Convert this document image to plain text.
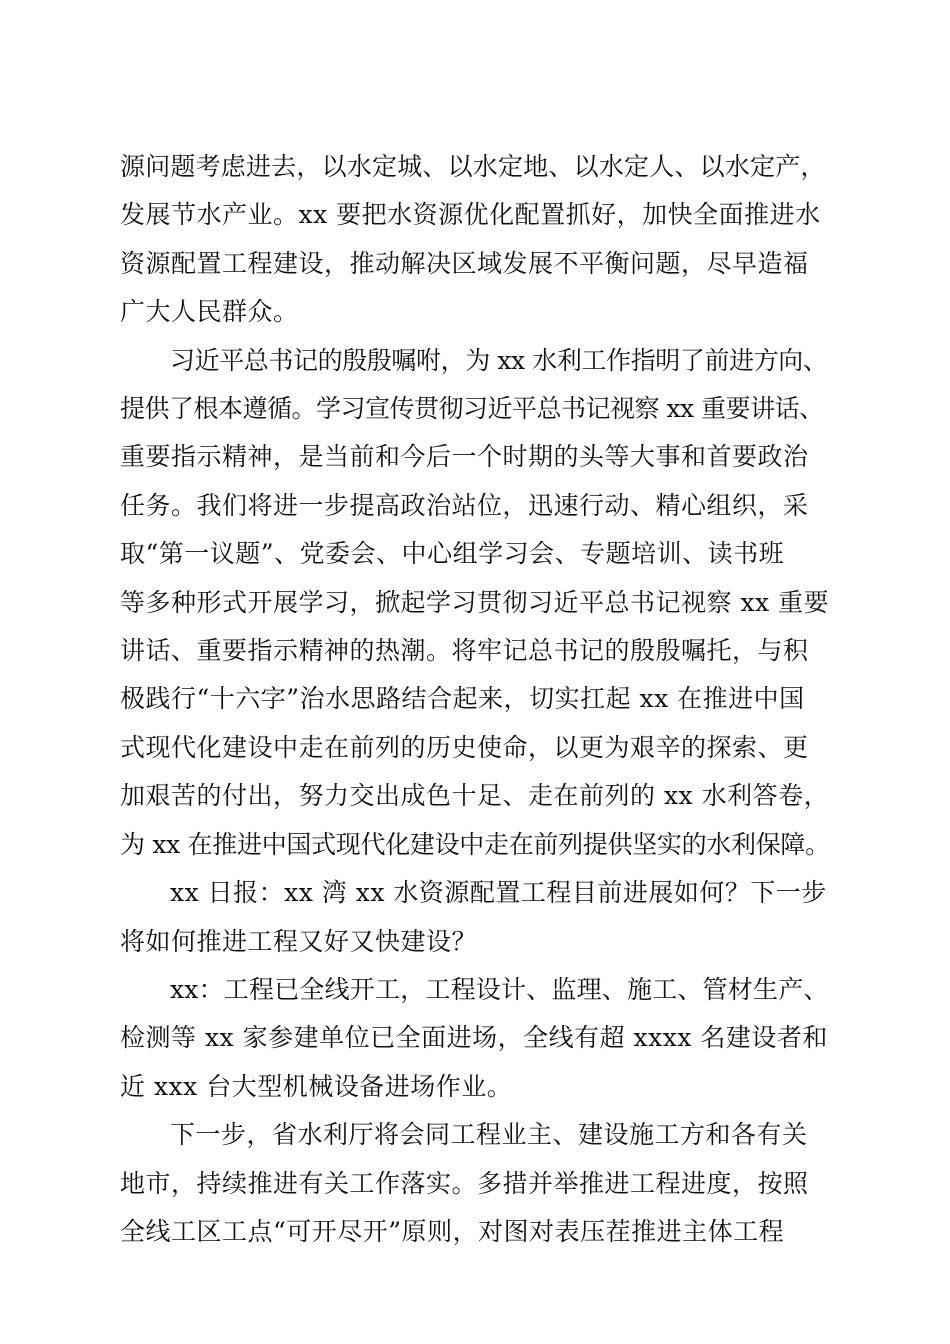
源问题考虑进去，以水定城、以水定地、以水定人、以水定产，
发展节水产业。xx 要把水资源优化配置抓好，加快全面推进水
资源配置工程建设，推动解决区域发展不平衡问题，尽早造福
广大人民群众。

习近平总书记的殷殷嘱咐，为 xx 水利工作指明了前进方向、
提供了根本遵循。学习宣传贯彻习近平总书记视察 xx 重要讲话、
重要指示精神，是当前和今后一个时期的头等大事和首要政治
任务。我们将进一步提高政治站位，迅速行动、精心组织，采
取“第一议题”、党委会、中心组学习会、专题培训、读书班
等多种形式开展学习，掀起学习贯彻习近平总书记视察 xx 重要
讲话、重要指示精神的热潮。将牢记总书记的殷殷嘱托，与积
极践行“十六字”治水思路结合起来，切实扛起 xx 在推进中国
式现代化建设中走在前列的历史使命，以更为艰辛的探索、更
加艰苦的付出，努力交出成色十足、走在前列的 xx 水利答卷，
为 xx 在推进中国式现代化建设中走在前列提供坚实的水利保障。

xx 日报：xx 湾 xx 水资源配置工程目前进展如何？下一步
将如何推进工程又好又快建设？

xx：工程已全线开工，工程设计、监理、施工、管材生产、
检测等 xx 家参建单位已全面进场，全线有超 xxxx 名建设者和
近 xxx 台大型机械设备进场作业。

下一步，省水利厅将会同工程业主、建设施工方和各有关
地市，持续推进有关工作落实。多措并举推进工程进度，按照
全线工区工点“可开尽开”原则，对图对表压茬推进主体工程
